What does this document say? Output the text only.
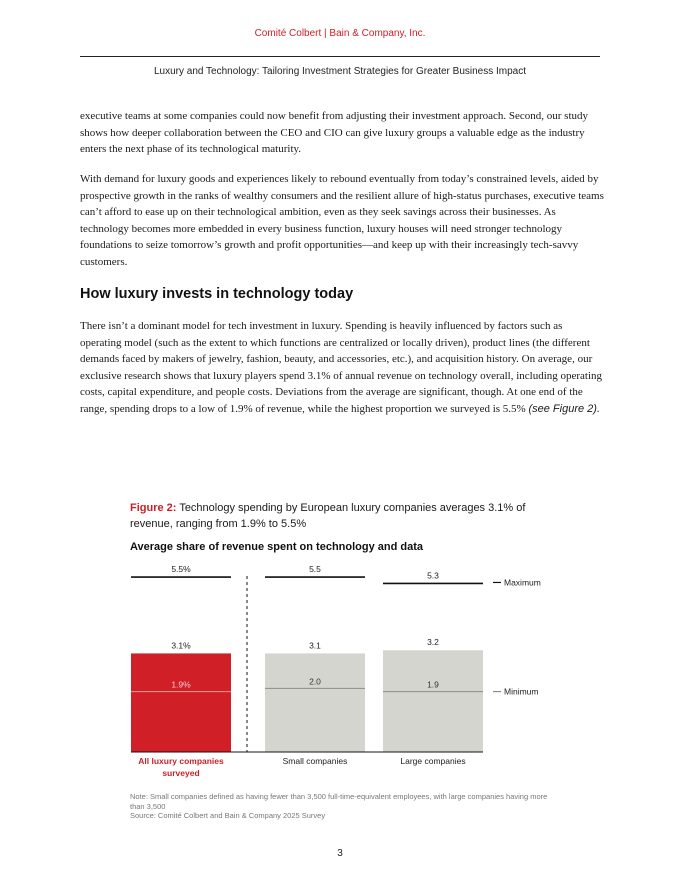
Comité Colbert | Bain & Company, Inc.
Luxury and Technology: Tailoring Investment Strategies for Greater Business Impact

executive teams at some companies could now benefit from adjusting their investment approach. Second, our study shows how deeper collaboration between the CEO and CIO can give luxury groups a valuable edge as the industry enters the next phase of its technological maturity.

With demand for luxury goods and experiences likely to rebound eventually from today’s constrained levels, aided by prospective growth in the ranks of wealthy consumers and the resilient allure of high-status purchases, executive teams can’t afford to ease up on their technological ambition, even as they seek savings across their businesses. As technology becomes more embedded in every business function, luxury houses will need stronger technology foundations to seize tomorrow’s growth and profit opportunities—and keep up with their increasingly tech-savvy customers.

How luxury invests in technology today

There isn’t a dominant model for tech investment in luxury. Spending is heavily influenced by factors such as operating model (such as the extent to which functions are centralized or locally driven), product lines (the different demands faced by makers of jewelry, fashion, beauty, and accessories, etc.), and acquisition history. On average, our exclusive research shows that luxury players spend 3.1% of annual revenue on technology overall, including operating costs, capital expenditure, and people costs. Deviations from the average are significant, though. At one end of the range, spending drops to a low of 1.9% of revenue, while the highest proportion we surveyed is 5.5% (see Figure 2).

Figure 2: Technology spending by European luxury companies averages 3.1% of revenue, ranging from 1.9% to 5.5%
Average share of revenue spent on technology and data
3.1%
1.9%
5.5%
All luxury companies
surveyed
3.1
2.0
5.5
Small companies
3.2
1.9
5.3
Large companies
Maximum
Minimum
Note: Small companies defined as having fewer than 3,500 full-time-equivalent employees, with large companies having more than 3,500
Source: Comité Colbert and Bain & Company 2025 Survey
3
